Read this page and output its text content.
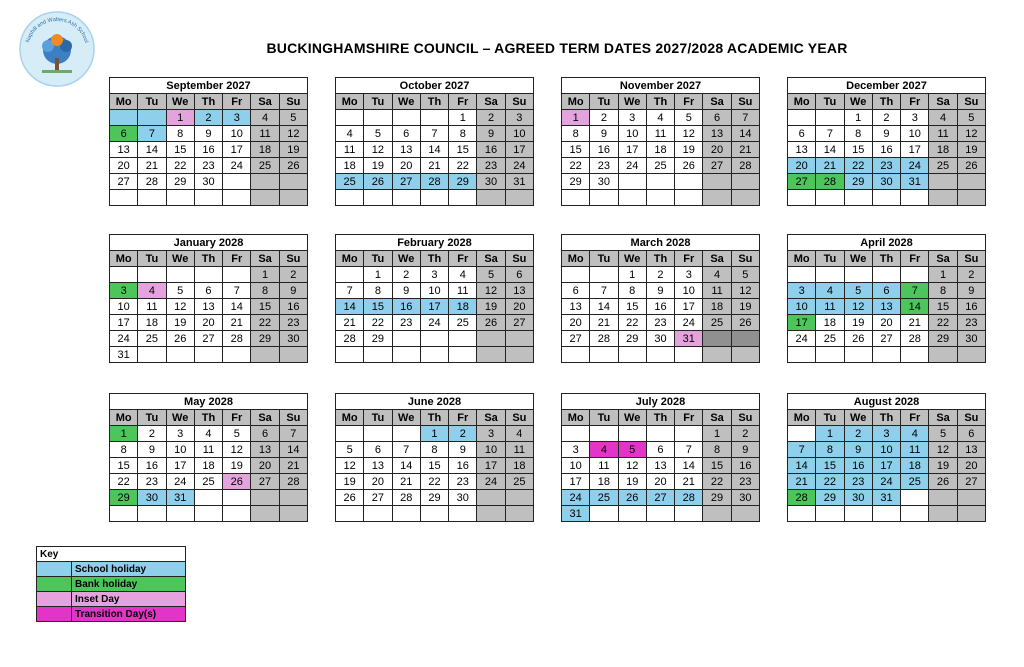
Naphill and Walters Ash School	BUCKINGHAMSHIRE COUNCIL – AGREED TERM DATES 2027/2028 ACADEMIC YEAR
September 2027						
Mo	Tu	We	Th	Fr	Sa	Su
		1	2	3	4	5
6	7	8	9	10	11	12
13	14	15	16	17	18	19
20	21	22	23	24	25	26
27	28	29	30			

October 2027						
Mo	Tu	We	Th	Fr	Sa	Su
				1	2	3
4	5	6	7	8	9	10
11	12	13	14	15	16	17
18	19	20	21	22	23	24
25	26	27	28	29	30	31

November 2027						
Mo	Tu	We	Th	Fr	Sa	Su
1	2	3	4	5	6	7
8	9	10	11	12	13	14
15	16	17	18	19	20	21
22	23	24	25	26	27	28
29	30					

December 2027						
Mo	Tu	We	Th	Fr	Sa	Su
		1	2	3	4	5
6	7	8	9	10	11	12
13	14	15	16	17	18	19
20	21	22	23	24	25	26
27	28	29	30	31		

January 2028						
Mo	Tu	We	Th	Fr	Sa	Su
					1	2
3	4	5	6	7	8	9
10	11	12	13	14	15	16
17	18	19	20	21	22	23
24	25	26	27	28	29	30
31						
February 2028						
Mo	Tu	We	Th	Fr	Sa	Su
	1	2	3	4	5	6
7	8	9	10	11	12	13
14	15	16	17	18	19	20
21	22	23	24	25	26	27
28	29					

March 2028						
Mo	Tu	We	Th	Fr	Sa	Su
		1	2	3	4	5
6	7	8	9	10	11	12
13	14	15	16	17	18	19
20	21	22	23	24	25	26
27	28	29	30	31		

April 2028						
Mo	Tu	We	Th	Fr	Sa	Su
					1	2
3	4	5	6	7	8	9
10	11	12	13	14	15	16
17	18	19	20	21	22	23
24	25	26	27	28	29	30

May 2028						
Mo	Tu	We	Th	Fr	Sa	Su
1	2	3	4	5	6	7
8	9	10	11	12	13	14
15	16	17	18	19	20	21
22	23	24	25	26	27	28
29	30	31				

June 2028						
Mo	Tu	We	Th	Fr	Sa	Su
			1	2	3	4
5	6	7	8	9	10	11
12	13	14	15	16	17	18
19	20	21	22	23	24	25
26	27	28	29	30		

July 2028						
Mo	Tu	We	Th	Fr	Sa	Su
					1	2
3	4	5	6	7	8	9
10	11	12	13	14	15	16
17	18	19	20	21	22	23
24	25	26	27	28	29	30
31						
August 2028						
Mo	Tu	We	Th	Fr	Sa	Su
	1	2	3	4	5	6
7	8	9	10	11	12	13
14	15	16	17	18	19	20
21	22	23	24	25	26	27
28	29	30	31			

Key	
	School holiday
	Bank holiday
	Inset Day
	Transition Day(s)
